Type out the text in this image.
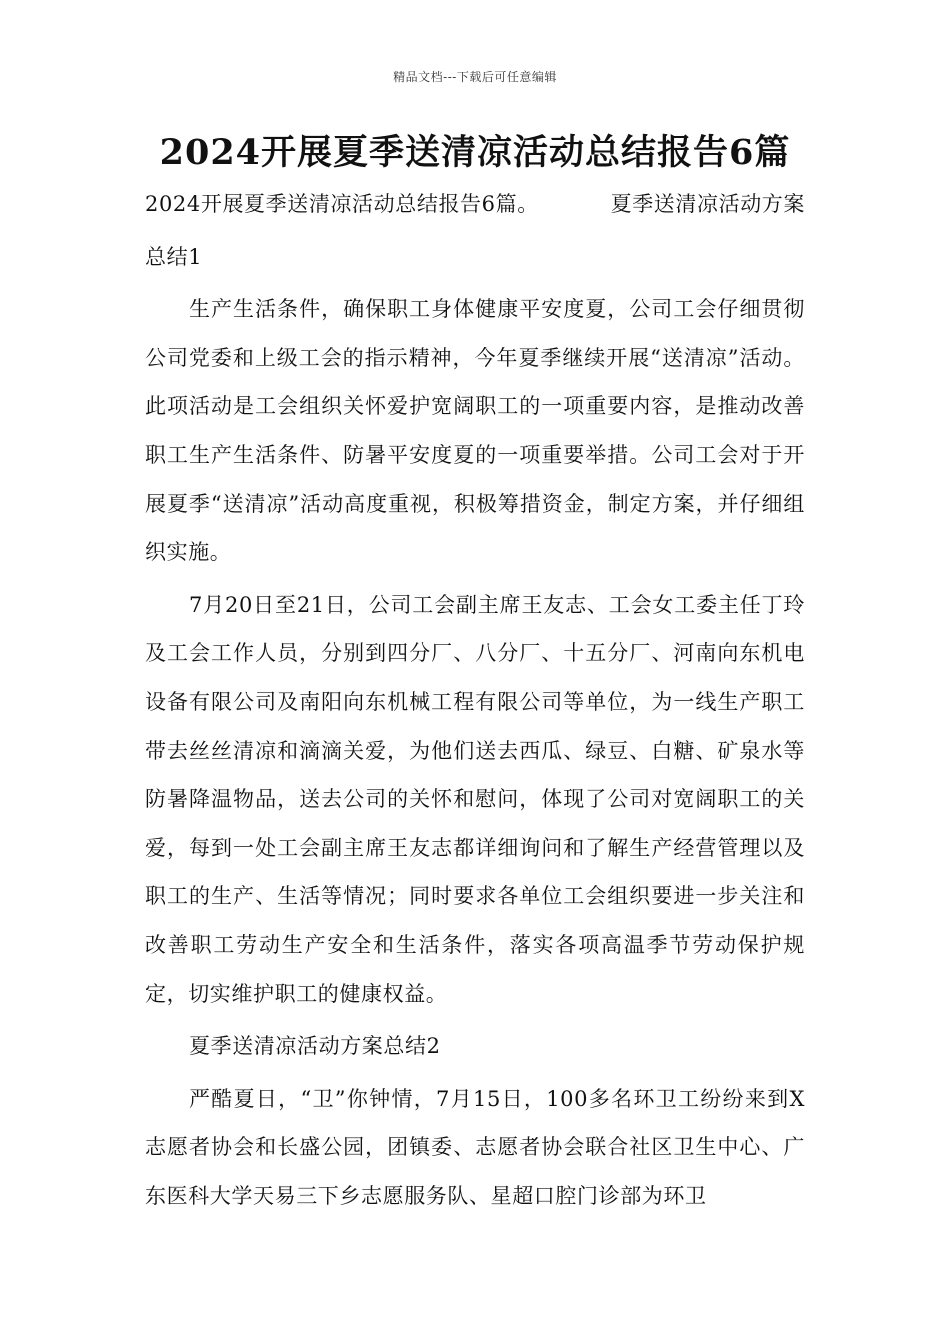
精品文档---下载后可任意编辑
2024开展夏季送清凉活动总结报告6篇

2024开展夏季送清凉活动总结报告6篇。	夏季送清凉活动方案

总结1

生产生活条件，确保职工身体健康平安度夏，公司工会仔细贯彻公司党委和上级工会的指示精神，今年夏季继续开展“送清凉”活动。此项活动是工会组织关怀爱护宽阔职工的一项重要内容，是推动改善职工生产生活条件、防暑平安度夏的一项重要举措。公司工会对于开展夏季“送清凉”活动高度重视，积极筹措资金，制定方案，并仔细组织实施。

7月20日至21日，公司工会副主席王友志、工会女工委主任丁玲及工会工作人员，分别到四分厂、八分厂、十五分厂、河南向东机电设备有限公司及南阳向东机械工程有限公司等单位，为一线生产职工带去丝丝清凉和滴滴关爱，为他们送去西瓜、绿豆、白糖、矿泉水等防暑降温物品，送去公司的关怀和慰问，体现了公司对宽阔职工的关爱，每到一处工会副主席王友志都详细询问和了解生产经营管理以及职工的生产、生活等情况；同时要求各单位工会组织要进一步关注和改善职工劳动生产安全和生活条件，落实各项高温季节劳动保护规定，切实维护职工的健康权益。

夏季送清凉活动方案总结2

严酷夏日，“卫”你钟情，7月15日，100多名环卫工纷纷来到X志愿者协会和长盛公园，团镇委、志愿者协会联合社区卫生中心、广东医科大学天易三下乡志愿服务队、星超口腔门诊部为环卫
